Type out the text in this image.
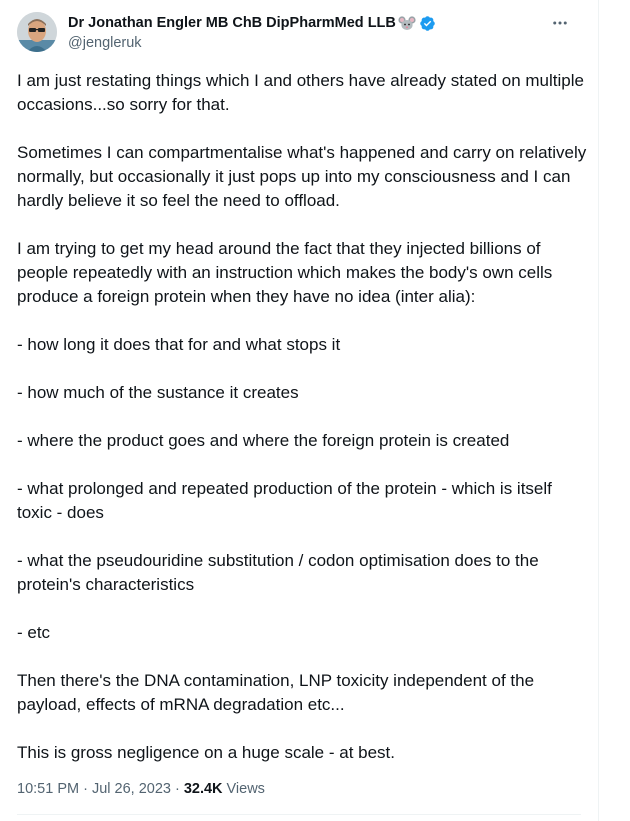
Dr Jonathan Engler MB ChB DipPharmMed LLB
@jengleruk

I am just restating things which I and others have already stated on multiple occasions...so sorry for that.

Sometimes I can compartmentalise what's happened and carry on relatively normally, but occasionally it just pops up into my consciousness and I can hardly believe it so feel the need to offload.

I am trying to get my head around the fact that they injected billions of people repeatedly with an instruction which makes the body's own cells produce a foreign protein when they have no idea (inter alia):

- how long it does that for and what stops it

- how much of the sustance it creates

- where the product goes and where the foreign protein is created

- what prolonged and repeated production of the protein - which is itself toxic - does

- what the pseudouridine substitution / codon optimisation does to the protein's characteristics

- etc

Then there's the DNA contamination, LNP toxicity independent of the payload, effects of mRNA degradation etc...

This is gross negligence on a huge scale - at best.

10:51 PM · Jul 26, 2023 · 32.4K Views
